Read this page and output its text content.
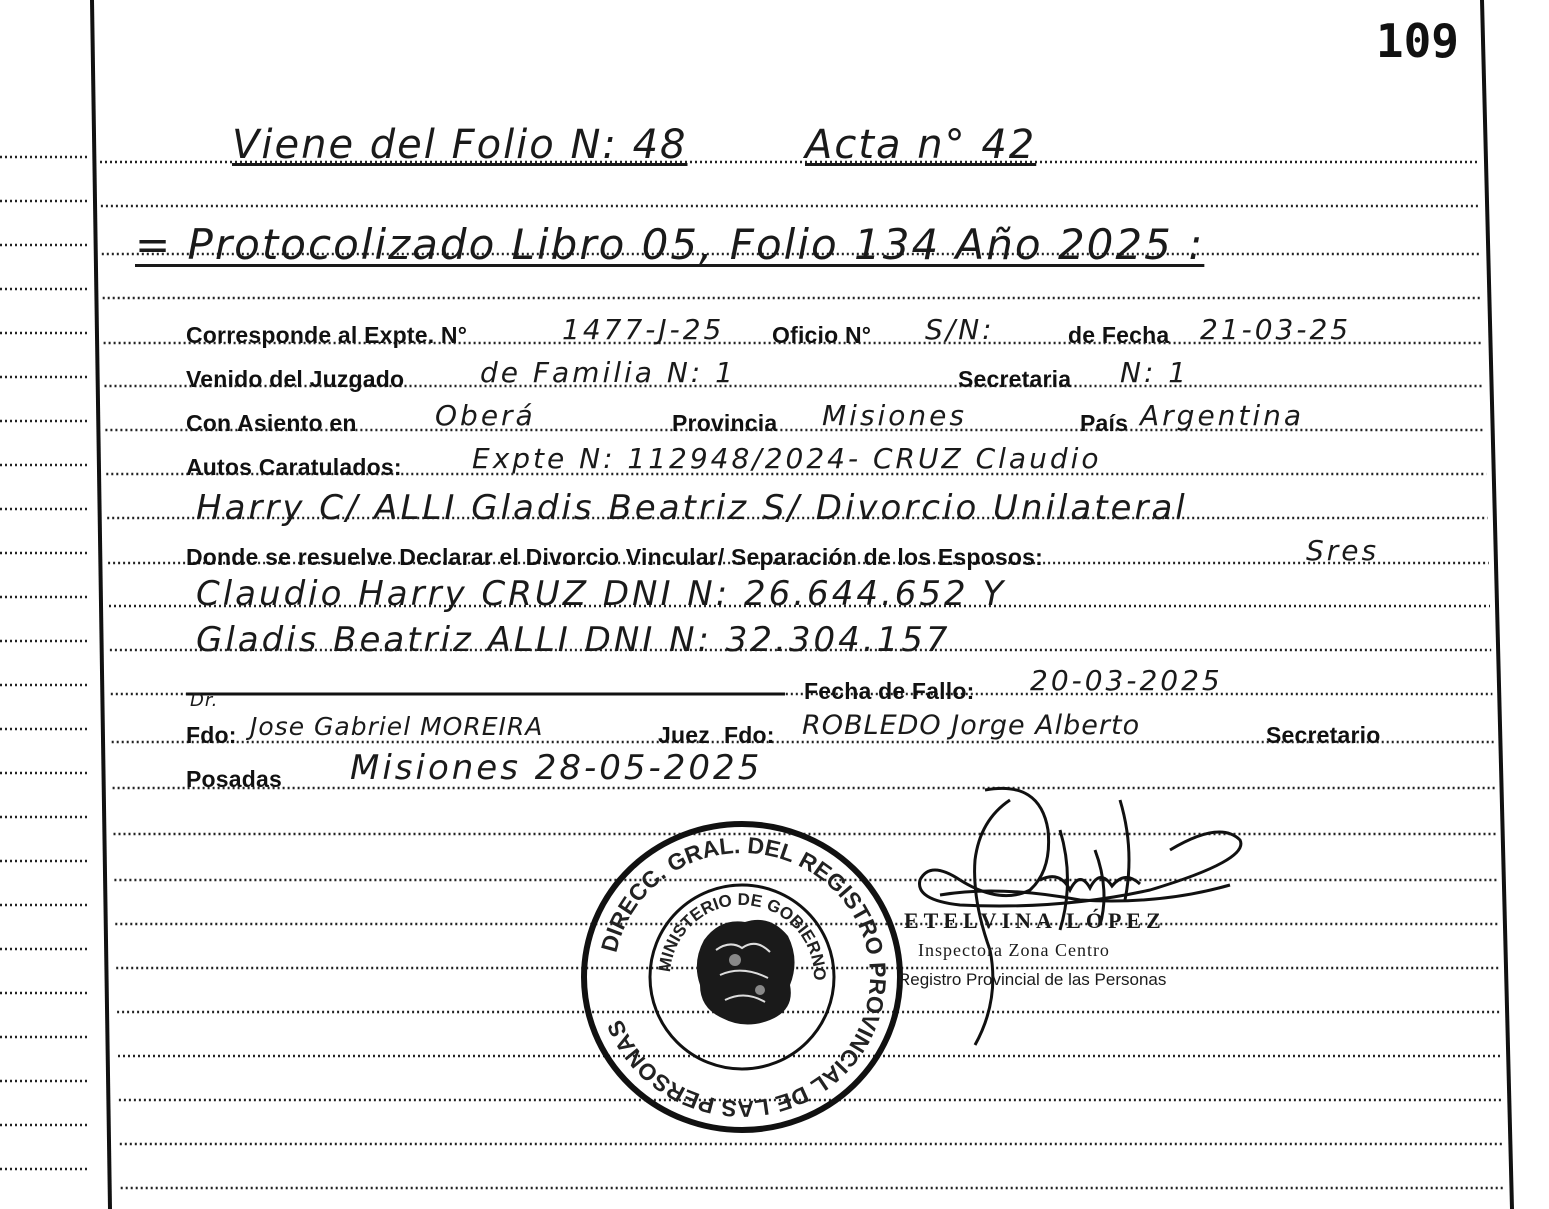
DIRECC. GRAL. DEL REGISTRO PROVINCIAL DE LAS PERSONAS
MINISTERIO DE GOBIERNO
109
Viene del Folio N: 48	Acta n° 42
= Protocolizado Libro 05, Folio 134 Año 2025 :
Corresponde al Expte. N°	1477-J-25 Oficio N° S/N:	de Fecha 21-03-25
Venido del Juzgado	de Familia N: 1	Secretaria N: 1
Con Asiento en	Oberá	Provincia Misiones	País Argentina
Autos Caratulados:	Expte N: 112948/2024- CRUZ Claudio
Harry C/ ALLI Gladis Beatriz S/ Divorcio Unilateral
Donde se resuelve Declarar el Divorcio Vincular/ Separación de los Esposos:	Sres
Claudio Harry CRUZ DNI N: 26.644.652 Y
Gladis Beatriz ALLI DNI N: 32.304.157
Fecha de Fallo: 20-03-2025
Dr.
Fdo: Jose Gabriel MOREIRA	Juez Fdo: ROBLEDO Jorge Alberto	Secretario
Posadas Misiones 28-05-2025
ETELVINA LÓPEZ
Inspectora Zona Centro
Registro Provincial de las Personas
